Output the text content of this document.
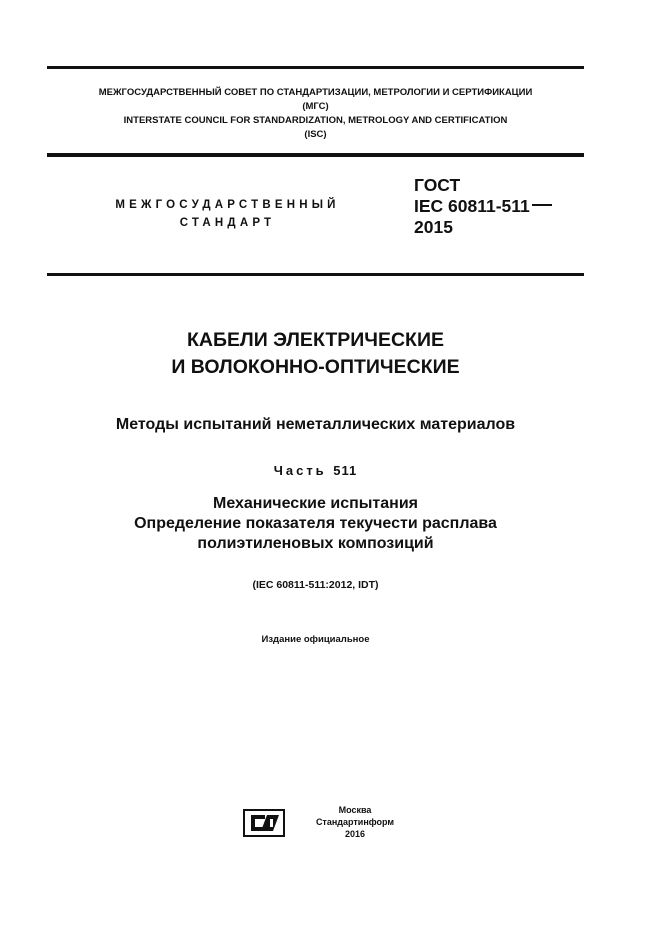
МЕЖГОСУДАРСТВЕННЫЙ СОВЕТ ПО СТАНДАРТИЗАЦИИ, МЕТРОЛОГИИ И СЕРТИФИКАЦИИ
(МГС)
INTERSTATE COUNCIL FOR STANDARDIZATION, METROLOGY AND CERTIFICATION
(ISC)
МЕЖГОСУДАРСТВЕННЫЙ
СТАНДАРТ
ГОСТ
IEC 60811-511
2015
КАБЕЛИ ЭЛЕКТРИЧЕСКИЕ
И ВОЛОКОННО-ОПТИЧЕСКИЕ
Методы испытаний неметаллических материалов
Часть 511
Механические испытания
Определение показателя текучести расплава
полиэтиленовых композиций
(IEC 60811-511:2012, IDT)
Издание официальное
Москва
Стандартинформ
2016
